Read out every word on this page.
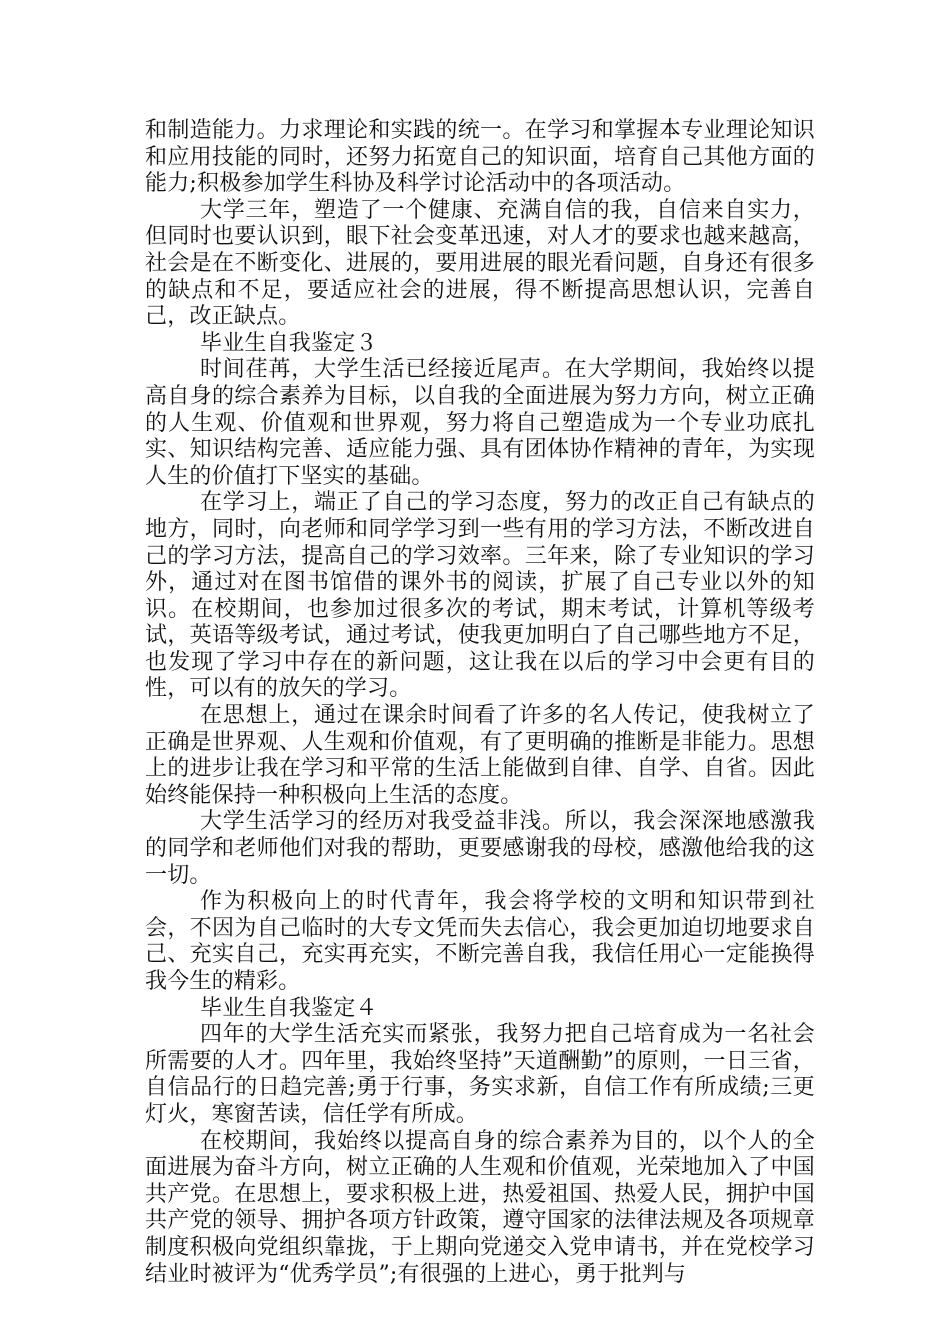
和制造能力。力求理论和实践的统一。在学习和掌握本专业理论知识和应用技能的同时，还努力拓宽自己的知识面，培育自己其他方面的能力;积极参加学生科协及科学讨论活动中的各项活动。

大学三年，塑造了一个健康、充满自信的我，自信来自实力，但同时也要认识到，眼下社会变革迅速，对人才的要求也越来越高，社会是在不断变化、进展的，要用进展的眼光看问题，自身还有很多的缺点和不足，要适应社会的进展，得不断提高思想认识，完善自己，改正缺点。

毕业生自我鉴定３

时间荏苒，大学生活已经接近尾声。在大学期间，我始终以提高自身的综合素养为目标，以自我的全面进展为努力方向，树立正确的人生观、价值观和世界观，努力将自己塑造成为一个专业功底扎实、知识结构完善、适应能力强、具有团体协作精神的青年，为实现人生的价值打下坚实的基础。

在学习上，端正了自己的学习态度，努力的改正自己有缺点的地方，同时，向老师和同学学习到一些有用的学习方法，不断改进自己的学习方法，提高自己的学习效率。三年来，除了专业知识的学习外，通过对在图书馆借的课外书的阅读，扩展了自己专业以外的知识。在校期间，也参加过很多次的考试，期末考试，计算机等级考试，英语等级考试，通过考试，使我更加明白了自己哪些地方不足，也发现了学习中存在的新问题，这让我在以后的学习中会更有目的性，可以有的放矢的学习。

在思想上，通过在课余时间看了许多的名人传记，使我树立了正确是世界观、人生观和价值观，有了更明确的推断是非能力。思想上的进步让我在学习和平常的生活上能做到自律、自学、自省。因此始终能保持一种积极向上生活的态度。

大学生活学习的经历对我受益非浅。所以，我会深深地感激我的同学和老师他们对我的帮助，更要感谢我的母校，感激他给我的这一切。

作为积极向上的时代青年，我会将学校的文明和知识带到社会，不因为自己临时的大专文凭而失去信心，我会更加迫切地要求自己、充实自己，充实再充实，不断完善自我，我信任用心一定能换得我今生的精彩。

毕业生自我鉴定４

四年的大学生活充实而紧张，我努力把自己培育成为一名社会所需要的人才。四年里，我始终坚持”天道酬勤”的原则，一日三省，自信品行的日趋完善;勇于行事，务实求新，自信工作有所成绩;三更灯火，寒窗苦读，信任学有所成。

在校期间，我始终以提高自身的综合素养为目的，以个人的全面进展为奋斗方向，树立正确的人生观和价值观，光荣地加入了中国共产党。在思想上，要求积极上进，热爱祖国、热爱人民，拥护中国共产党的领导、拥护各项方针政策，遵守国家的法律法规及各项规章制度积极向党组织靠拢，于上期向党递交入党申请书，并在党校学习结业时被评为“优秀学员”;有很强的上进心，勇于批判与
